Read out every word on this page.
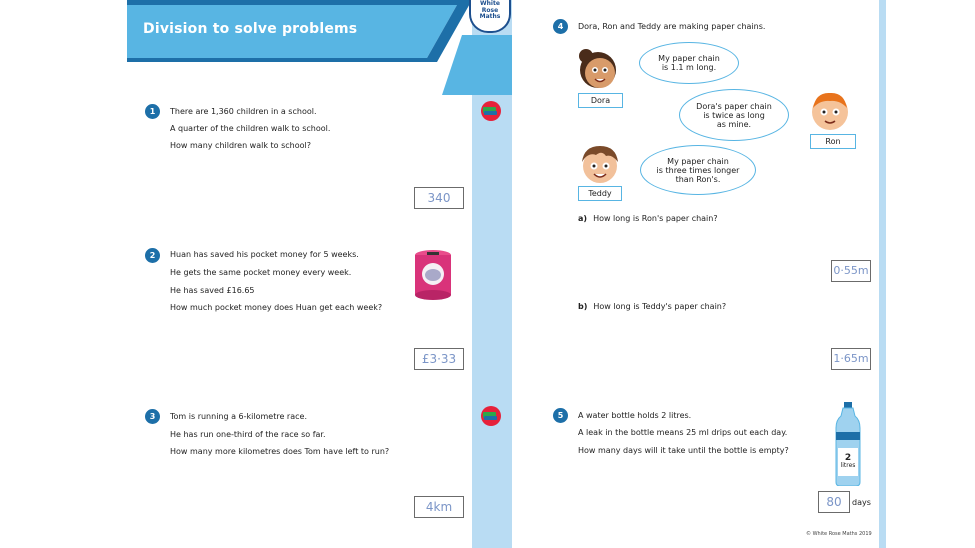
Division to solve problems
White
Rose
Maths
1	There are 1,360 children in a school.
A quarter of the children walk to school.
How many children walk to school?
340
2	Huan has saved his pocket money for 5 weeks.
He gets the same pocket money every week.
He has saved £16.65
How much pocket money does Huan get each week?
£3·33
3	Tom is running a 6-kilometre race.
He has run one-third of the race so far.
How many more kilometres does Tom have left to run?
4km
4	Dora, Ron and Teddy are making paper chains.
Dora
My paper chain
is 1.1 m long.
Ron
Dora's paper chain
is twice as long
as mine.
Teddy
My paper chain
is three times longer
than Ron's.
a) How long is Ron's paper chain?
0·55m
b) How long is Teddy's paper chain?
1·65m
5	A water bottle holds 2 litres.
A leak in the bottle means 25 ml drips out each day.
How many days will it take until the bottle is empty?
2
litres
80	days
© White Rose Maths 2019
